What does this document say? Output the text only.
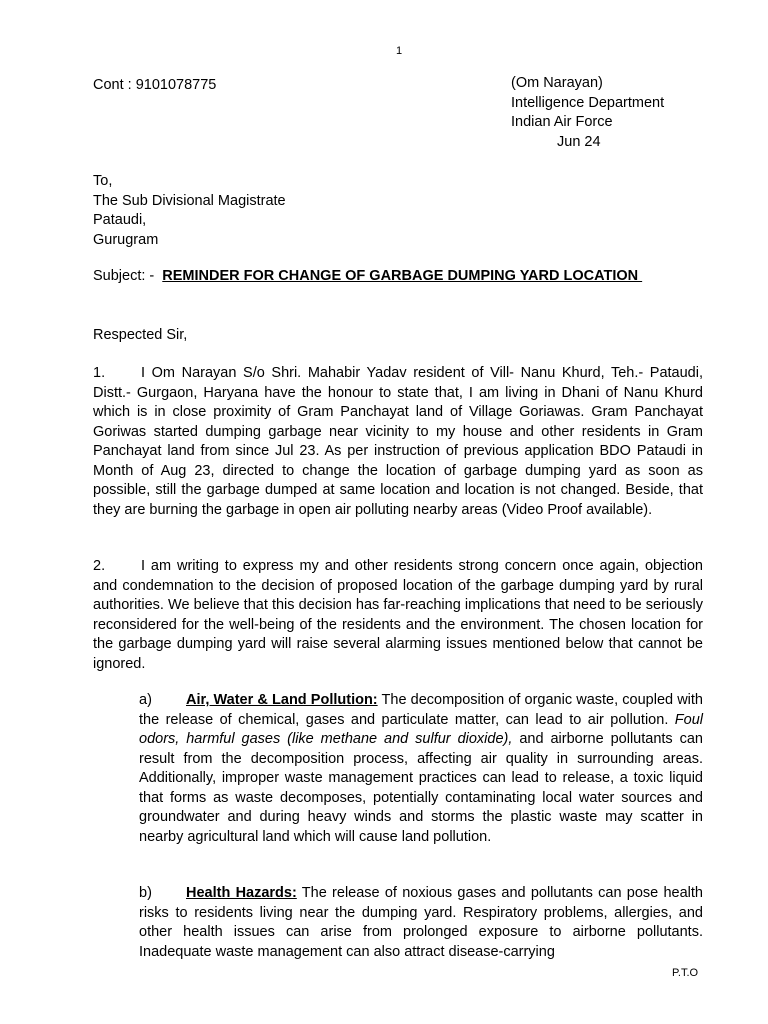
1
Cont : 9101078775	(Om Narayan)
Intelligence Department
Indian Air Force
Jun 24
To,
The Sub Divisional Magistrate
Pataudi,
Gurugram
Subject: - REMINDER FOR CHANGE OF GARBAGE DUMPING YARD LOCATION
Respected Sir,

1. I Om Narayan S/o Shri. Mahabir Yadav resident of Vill- Nanu Khurd, Teh.- Pataudi, Distt.- Gurgaon, Haryana have the honour to state that, I am living in Dhani of Nanu Khurd which is in close proximity of Gram Panchayat land of Village Goriawas. Gram Panchayat Goriwas started dumping garbage near vicinity to my house and other residents in Gram Panchayat land from since Jul 23. As per instruction of previous application BDO Pataudi in Month of Aug 23, directed to change the location of garbage dumping yard as soon as possible, still the garbage dumped at same location and location is not changed. Beside, that they are burning the garbage in open air polluting nearby areas (Video Proof available).

2. I am writing to express my and other residents strong concern once again, objection and condemnation to the decision of proposed location of the garbage dumping yard by rural authorities. We believe that this decision has far-reaching implications that need to be seriously reconsidered for the well-being of the residents and the environment. The chosen location for the garbage dumping yard will raise several alarming issues mentioned below that cannot be ignored.

a) Air, Water & Land Pollution: The decomposition of organic waste, coupled with the release of chemical, gases and particulate matter, can lead to air pollution. Foul odors, harmful gases (like methane and sulfur dioxide), and airborne pollutants can result from the decomposition process, affecting air quality in surrounding areas. Additionally, improper waste management practices can lead to release, a toxic liquid that forms as waste decomposes, potentially contaminating local water sources and groundwater and during heavy winds and storms the plastic waste may scatter in nearby agricultural land which will cause land pollution.

b) Health Hazards: The release of noxious gases and pollutants can pose health risks to residents living near the dumping yard. Respiratory problems, allergies, and other health issues can arise from prolonged exposure to airborne pollutants. Inadequate waste management can also attract disease-carrying

P.T.O
